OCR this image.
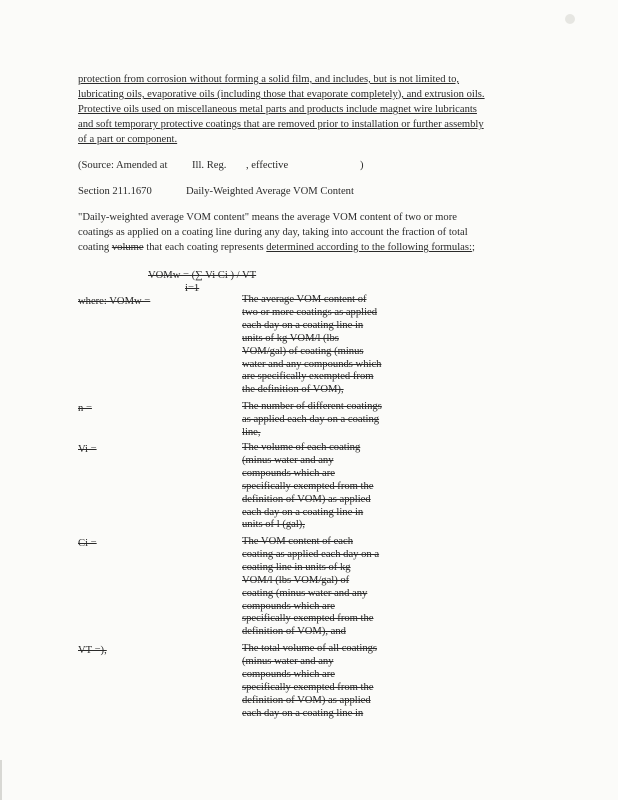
protection from corrosion without forming a solid film, and includes, but is not limited to,
lubricating oils, evaporative oils (including those that evaporate completely), and extrusion oils.
Protective oils used on miscellaneous metal parts and products include magnet wire lubricants
and soft temporary protective coatings that are removed prior to installation or further assembly
of a part or component.
(Source: Amended at Ill. Reg. , effective	)
Section 211.1670	Daily-Weighted Average VOM Content
"Daily-weighted average VOM content" means the average VOM content of two or more
coatings as applied on a coating line during any day, taking into account the fraction of total
coating volume that each coating represents determined according to the following formulas:;
VOMw = (∑ Vi Ci ) / VT
i=1
where: VOMw =	The average VOM content of
two or more coatings as applied
each day on a coating line in
units of kg VOM/l (lbs
VOM/gal) of coating (minus
water and any compounds which
are specifically exempted from
the definition of VOM),
n =	The number of different coatings
as applied each day on a coating
line,
Vi =	The volume of each coating
(minus water and any
compounds which are
specifically exempted from the
definition of VOM) as applied
each day on a coating line in
units of l (gal),
Ci =	The VOM content of each
coating as applied each day on a
coating line in units of kg
VOM/l (lbs VOM/gal) of
coating (minus water and any
compounds which are
specifically exempted from the
definition of VOM), and
VT =),	The total volume of all coatings
(minus water and any
compounds which are
specifically exempted from the
definition of VOM) as applied
each day on a coating line in
